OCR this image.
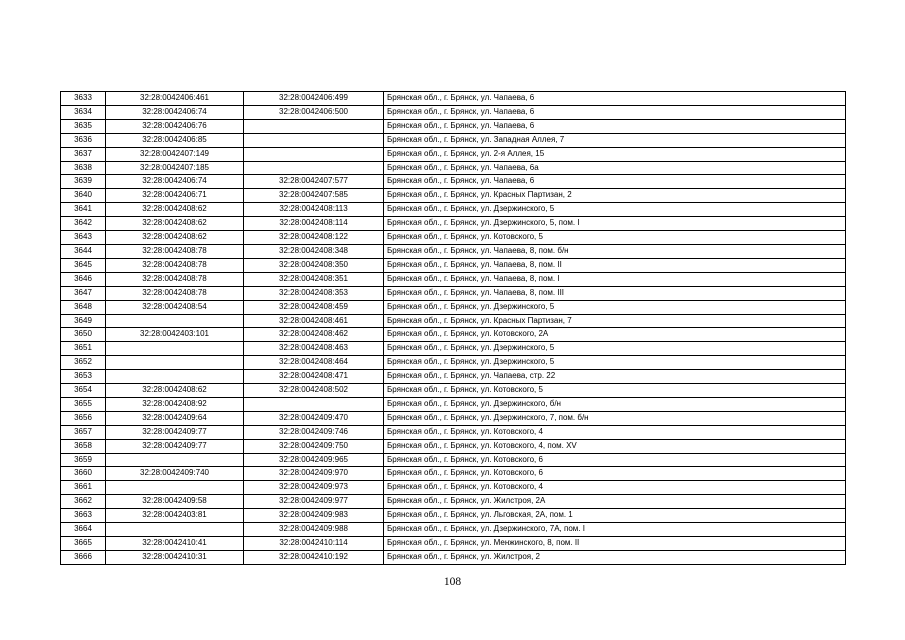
3633	32:28:0042406:461	32:28:0042406:499	Брянская обл., г. Брянск, ул. Чапаева, 6
3634	32:28:0042406:74	32:28:0042406:500	Брянская обл., г. Брянск, ул. Чапаева, 6
3635	32:28:0042406:76		Брянская обл., г. Брянск, ул. Чапаева, 6
3636	32:28:0042406:85		Брянская обл., г. Брянск, ул. Западная Аллея, 7
3637	32:28:0042407:149		Брянская обл., г. Брянск, ул. 2-я Аллея, 15
3638	32:28:0042407:185		Брянская обл., г. Брянск, ул. Чапаева, 6а
3639	32:28:0042406:74	32:28:0042407:577	Брянская обл., г. Брянск, ул. Чапаева, 6
3640	32:28:0042406:71	32:28:0042407:585	Брянская обл., г. Брянск, ул. Красных Партизан, 2
3641	32:28:0042408:62	32:28:0042408:113	Брянская обл., г. Брянск, ул. Дзержинского, 5
3642	32:28:0042408:62	32:28:0042408:114	Брянская обл., г. Брянск, ул. Дзержинского, 5, пом. I
3643	32:28:0042408:62	32:28:0042408:122	Брянская обл., г. Брянск, ул. Котовского, 5
3644	32:28:0042408:78	32:28:0042408:348	Брянская обл., г. Брянск, ул. Чапаева, 8, пом. б/н
3645	32:28:0042408:78	32:28:0042408:350	Брянская обл., г. Брянск, ул. Чапаева, 8, пом. II
3646	32:28:0042408:78	32:28:0042408:351	Брянская обл., г. Брянск, ул. Чапаева, 8, пом. I
3647	32:28:0042408:78	32:28:0042408:353	Брянская обл., г. Брянск, ул. Чапаева, 8, пом. III
3648	32:28:0042408:54	32:28:0042408:459	Брянская обл., г. Брянск, ул. Дзержинского, 5
3649		32:28:0042408:461	Брянская обл., г. Брянск, ул. Красных Партизан, 7
3650	32:28:0042403:101	32:28:0042408:462	Брянская обл., г. Брянск, ул. Котовского, 2А
3651		32:28:0042408:463	Брянская обл., г. Брянск, ул. Дзержинского, 5
3652		32:28:0042408:464	Брянская обл., г. Брянск, ул. Дзержинского, 5
3653		32:28:0042408:471	Брянская обл., г. Брянск, ул. Чапаева, стр. 22
3654	32:28:0042408:62	32:28:0042408:502	Брянская обл., г. Брянск, ул. Котовского, 5
3655	32:28:0042408:92		Брянская обл., г. Брянск, ул. Дзержинского, б/н
3656	32:28:0042409:64	32:28:0042409:470	Брянская обл., г. Брянск, ул. Дзержинского, 7, пом. б/н
3657	32:28:0042409:77	32:28:0042409:746	Брянская обл., г. Брянск, ул. Котовского, 4
3658	32:28:0042409:77	32:28:0042409:750	Брянская обл., г. Брянск, ул. Котовского, 4, пом. XV
3659		32:28:0042409:965	Брянская обл., г. Брянск, ул. Котовского, 6
3660	32:28:0042409:740	32:28:0042409:970	Брянская обл., г. Брянск, ул. Котовского, 6
3661		32:28:0042409:973	Брянская обл., г. Брянск, ул. Котовского, 4
3662	32:28:0042409:58	32:28:0042409:977	Брянская обл., г. Брянск, ул. Жилстроя, 2А
3663	32:28:0042403:81	32:28:0042409:983	Брянская обл., г. Брянск, ул. Льговская, 2А, пом. 1
3664		32:28:0042409:988	Брянская обл., г. Брянск, ул. Дзержинского, 7А, пом. I
3665	32:28:0042410:41	32:28:0042410:114	Брянская обл., г. Брянск, ул. Менжинского, 8, пом. II
3666	32:28:0042410:31	32:28:0042410:192	Брянская обл., г. Брянск, ул. Жилстроя, 2
108
